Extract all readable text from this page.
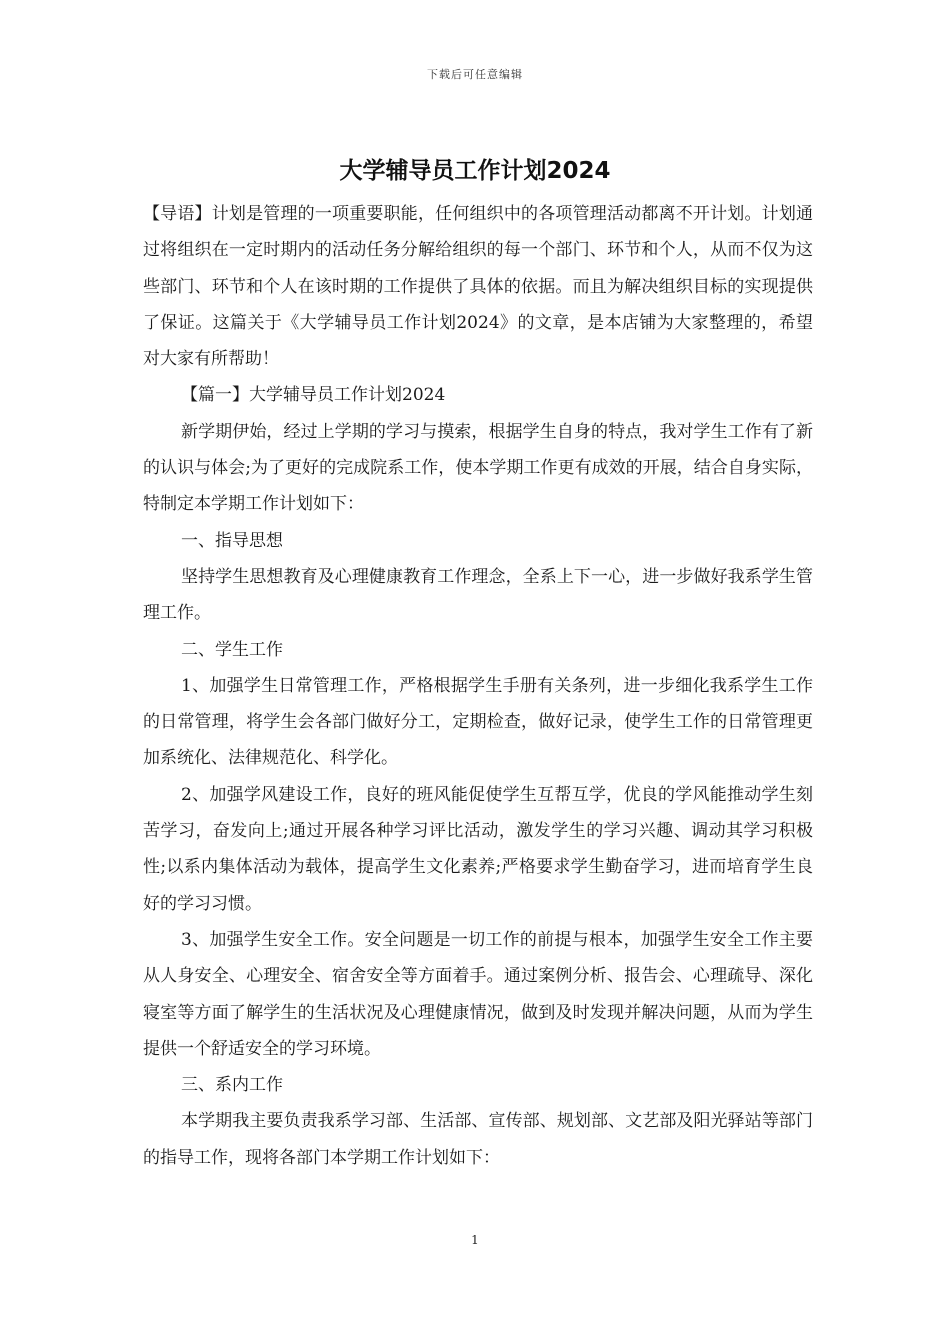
下载后可任意编辑
大学辅导员工作计划2024

【导语】计划是管理的一项重要职能，任何组织中的各项管理活动都离不开计划。计划通过将组织在一定时期内的活动任务分解给组织的每一个部门、环节和个人，从而不仅为这些部门、环节和个人在该时期的工作提供了具体的依据。而且为解决组织目标的实现提供了保证。这篇关于《大学辅导员工作计划2024》的文章，是本店铺为大家整理的，希望对大家有所帮助！

【篇一】大学辅导员工作计划2024

新学期伊始，经过上学期的学习与摸索，根据学生自身的特点，我对学生工作有了新的认识与体会;为了更好的完成院系工作，使本学期工作更有成效的开展，结合自身实际，特制定本学期工作计划如下：

一、指导思想

坚持学生思想教育及心理健康教育工作理念，全系上下一心，进一步做好我系学生管理工作。

二、学生工作

1、加强学生日常管理工作，严格根据学生手册有关条列，进一步细化我系学生工作的日常管理，将学生会各部门做好分工，定期检查，做好记录，使学生工作的日常管理更加系统化、法律规范化、科学化。

2、加强学风建设工作，良好的班风能促使学生互帮互学，优良的学风能推动学生刻苦学习，奋发向上;通过开展各种学习评比活动，激发学生的学习兴趣、调动其学习积极性;以系内集体活动为载体，提高学生文化素养;严格要求学生勤奋学习，进而培育学生良好的学习习惯。

3、加强学生安全工作。安全问题是一切工作的前提与根本，加强学生安全工作主要从人身安全、心理安全、宿舍安全等方面着手。通过案例分析、报告会、心理疏导、深化寝室等方面了解学生的生活状况及心理健康情况，做到及时发现并解决问题，从而为学生提供一个舒适安全的学习环境。

三、系内工作

本学期我主要负责我系学习部、生活部、宣传部、规划部、文艺部及阳光驿站等部门的指导工作，现将各部门本学期工作计划如下：

1
